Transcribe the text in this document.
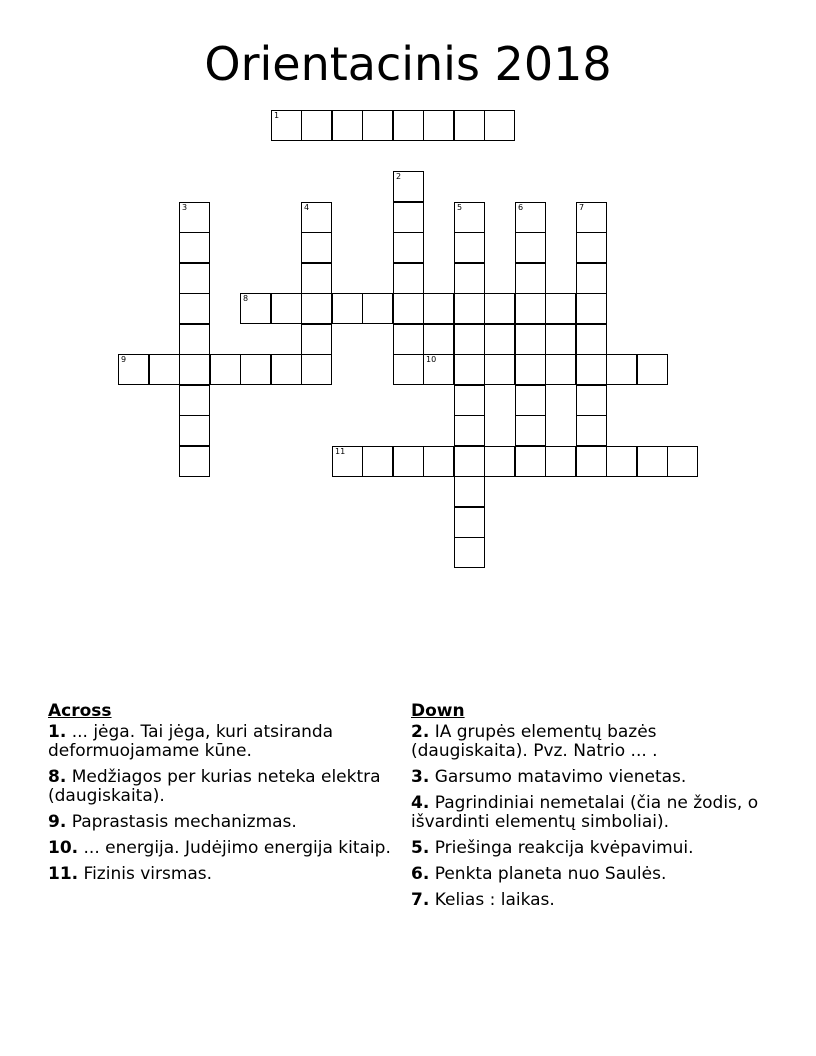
Orientacinis 2018
1
2
3	4	5	6	7
8
9	10
11
Across
1. ... jėga. Tai jėga, kuri atsiranda deformuojamame kūne.
8. Medžiagos per kurias neteka elektra (daugiskaita).
9. Paprastasis mechanizmas.
10. ... energija. Judėjimo energija kitaip.
11. Fizinis virsmas.
Down
2. IA grupės elementų bazės (daugiskaita). Pvz. Natrio ... .
3. Garsumo matavimo vienetas.
4. Pagrindiniai nemetalai (čia ne žodis, o išvardinti elementų simboliai).
5. Priešinga reakcija kvėpavimui.
6. Penkta planeta nuo Saulės.
7. Kelias : laikas.
